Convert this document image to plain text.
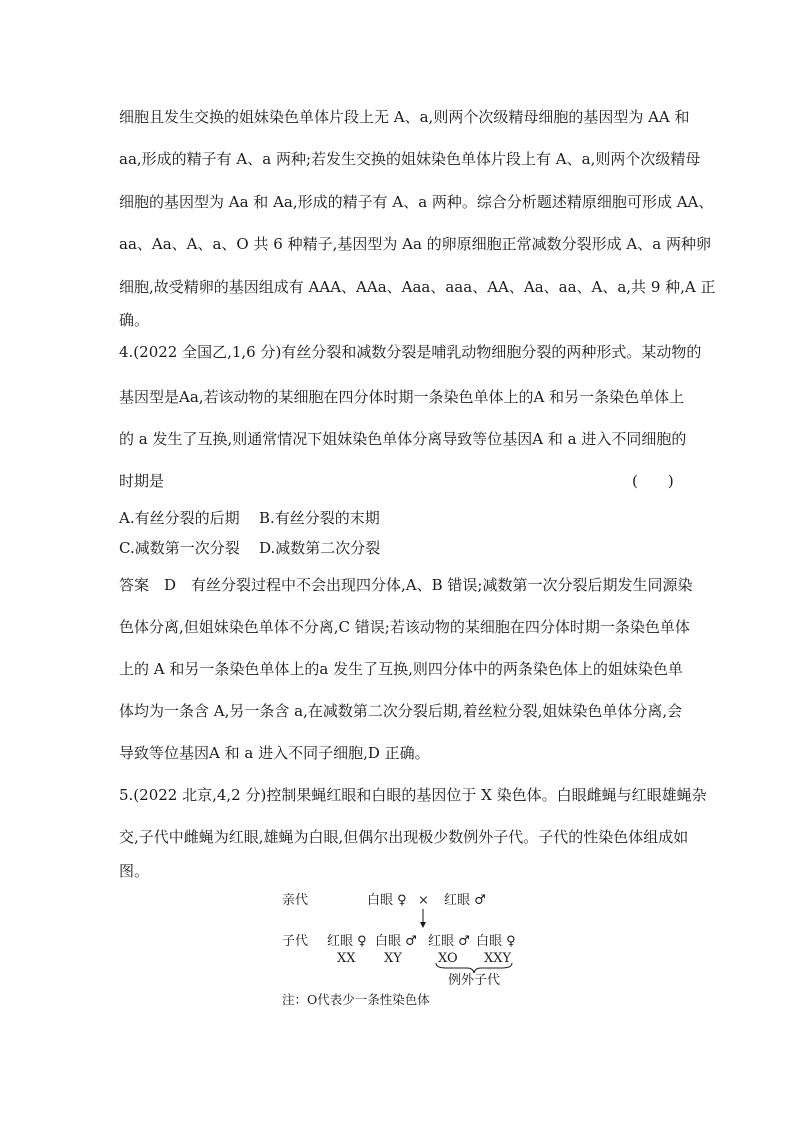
细胞且发生交换的姐妹染色单体片段上无 A、a,则两个次级精母细胞的基因型为 AA 和
aa,形成的精子有 A、a 两种;若发生交换的姐妹染色单体片段上有 A、a,则两个次级精母
细胞的基因型为 Aa 和 Aa,形成的精子有 A、a 两种。综合分析题述精原细胞可形成 AA、
aa、Aa、A、a、O 共 6 种精子,基因型为 Aa 的卵原细胞正常减数分裂形成 A、a 两种卵
细胞,故受精卵的基因组成有 AAA、AAa、Aaa、aaa、AA、Aa、aa、A、a,共 9 种,A 正
确。
4.(2022 全国乙,1,6 分)有丝分裂和减数分裂是哺乳动物细胞分裂的两种形式。某动物的
基因型是Aa,若该动物的某细胞在四分体时期一条染色单体上的A 和另一条染色单体上
的 a 发生了互换,则通常情况下姐妹染色单体分离导致等位基因A 和 a 进入不同细胞的
时期是	(　　)
A.有丝分裂的后期 B.有丝分裂的末期
C.减数第一次分裂 D.减数第二次分裂
答案　D　有丝分裂过程中不会出现四分体,A、B 错误;减数第一次分裂后期发生同源染
色体分离,但姐妹染色单体不分离,C 错误;若该动物的某细胞在四分体时期一条染色单体
上的 A 和另一条染色单体上的a 发生了互换,则四分体中的两条染色体上的姐妹染色单
体均为一条含 A,另一条含 a,在减数第二次分裂后期,着丝粒分裂,姐妹染色单体分离,会
导致等位基因A 和 a 进入不同子细胞,D 正确。
5.(2022 北京,4,2 分)控制果蝇红眼和白眼的基因位于 X 染色体。白眼雌蝇与红眼雄蝇杂
交,子代中雌蝇为红眼,雄蝇为白眼,但偶尔出现极少数例外子代。子代的性染色体组成如
图。
亲代	白眼 ♀ × 红眼 ♂
子代 红眼 ♀
XX
白眼 ♂
XY
红眼 ♂
XO
白眼 ♀
XXY
例外子代
注：O代表少一条性染色体
